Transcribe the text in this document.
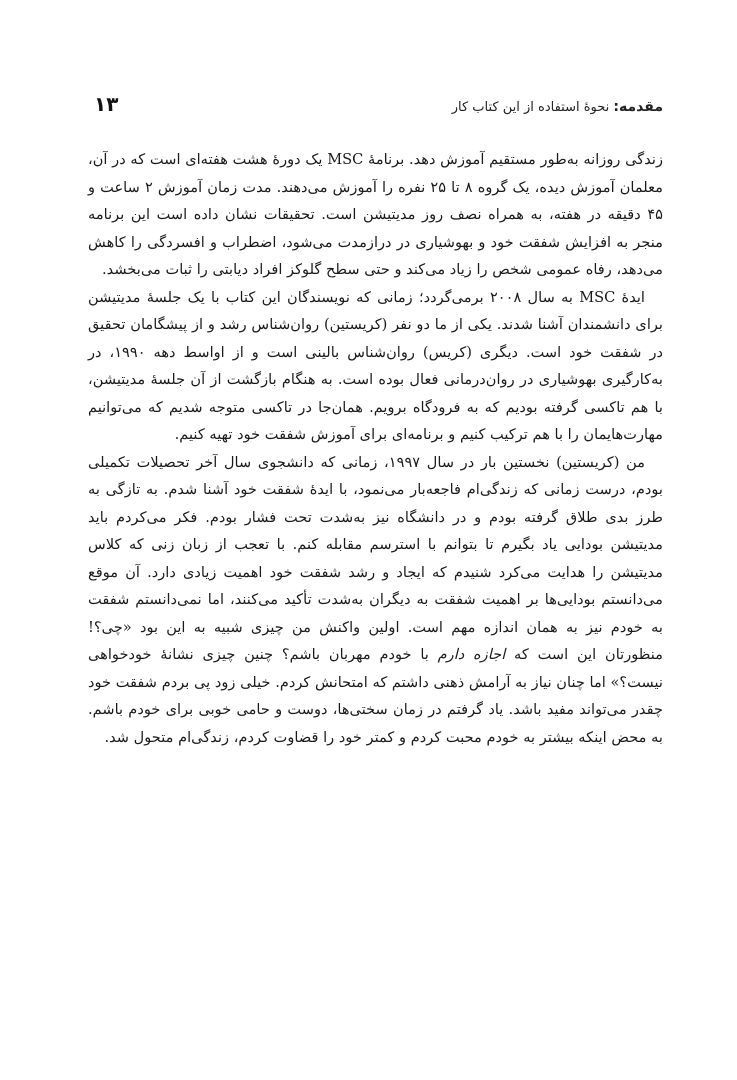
مقدمه: نحوهٔ استفاده از این کتاب کار
۱۳

زندگی روزانه به‌طور مستقیم آموزش دهد. برنامهٔ MSC یک دورهٔ هشت هفته‌ای است که در آن، معلمان آموزش دیده، یک گروه ۸ تا ۲۵ نفره را آموزش می‌دهند. مدت زمان آموزش ۲ ساعت و ۴۵ دقیقه در هفته، به همراه نصف روز مدیتیشن است. تحقیقات نشان داده است این برنامه منجر به افزایش شفقت خود و بهوشیاری در درازمدت می‌شود، اضطراب و افسردگی را کاهش می‌دهد، رفاه عمومی شخص را زیاد می‌کند و حتی سطح گلوکز افراد دیابتی را ثبات می‌بخشد.

ایدهٔ MSC به سال ۲۰۰۸ برمی‌گردد؛ زمانی که نویسندگان این کتاب با یک جلسهٔ مدیتیشن برای دانشمندان آشنا شدند. یکی از ما دو نفر (کریستین) روان‌شناس رشد و از پیشگامان تحقیق در شفقت خود است. دیگری (کریس) روان‌شناس بالینی است و از اواسط دهه ۱۹۹۰، در به‌کارگیری بهوشیاری در روان‌درمانی فعال بوده است. به هنگام بازگشت از آن جلسهٔ مدیتیشن، با هم تاکسی گرفته بودیم که به فرودگاه برویم. همان‌جا در تاکسی متوجه شدیم که می‌توانیم مهارت‌هایمان را با هم ترکیب کنیم و برنامه‌ای برای آموزش شفقت خود تهیه کنیم.

من (کریستین) نخستین بار در سال ۱۹۹۷، زمانی که دانشجوی سال آخر تحصیلات تکمیلی بودم، درست زمانی که زندگی‌ام فاجعه‌بار می‌نمود، با ایدهٔ شفقت خود آشنا شدم. به تازگی به طرز بدی طلاق گرفته بودم و در دانشگاه نیز به‌شدت تحت فشار بودم. فکر می‌کردم باید مدیتیشن بودایی یاد بگیرم تا بتوانم با استرسم مقابله کنم. با تعجب از زبان زنی که کلاس مدیتیشن را هدایت می‌کرد شنیدم که ایجاد و رشد شفقت خود اهمیت زیادی دارد. آن موقع می‌دانستم بودایی‌ها بر اهمیت شفقت به دیگران به‌شدت تأکید می‌کنند، اما نمی‌دانستم شفقت به خودم نیز به همان اندازه مهم است. اولین واکنش من چیزی شبیه به این بود «چی؟! منظورتان این است که اجازه دارم با خودم مهربان باشم؟ چنین چیزی نشانهٔ خودخواهی نیست؟» اما چنان نیاز به آرامش ذهنی داشتم که امتحانش کردم. خیلی زود پی بردم شفقت خود چقدر می‌تواند مفید باشد. یاد گرفتم در زمان سختی‌ها، دوست و حامی خوبی برای خودم باشم. به محض اینکه بیشتر به خودم محبت کردم و کمتر خود را قضاوت کردم، زندگی‌ام متحول شد.
